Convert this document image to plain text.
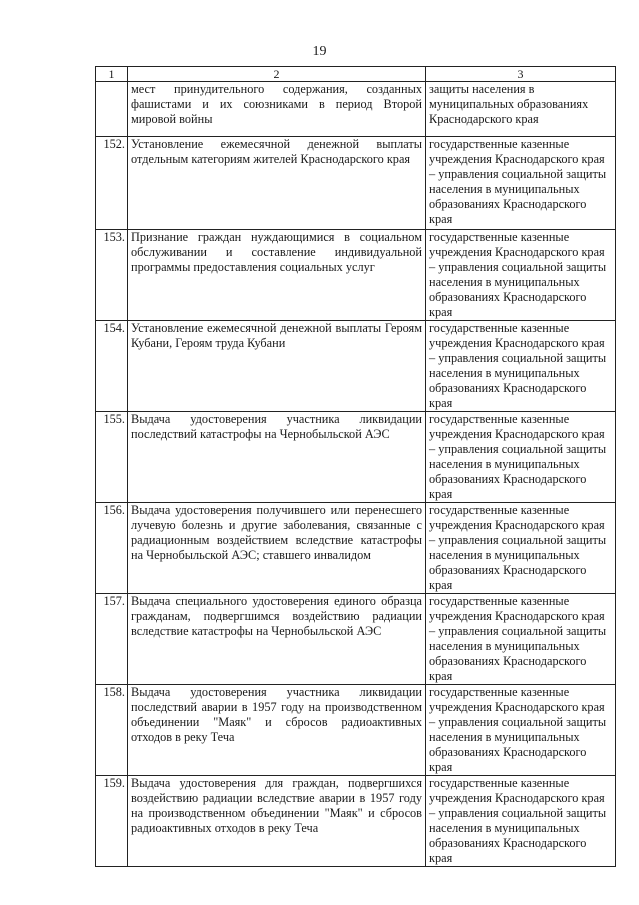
19
1	2	3
	мест принудительного содержания, созданных фашистами и их союзниками в период Второй мировой войны	защиты населения в муниципальных образованиях Краснодарского края
152.	Установление ежемесячной денежной выплаты отдельным категориям жителей Краснодарского края	государственные казенные учреждения Краснодарского края – управления социальной защиты населения в муниципальных образованиях Краснодарского края
153.	Признание граждан нуждающимися в социальном обслуживании и составление индивидуальной программы предоставления социальных услуг	государственные казенные учреждения Краснодарского края – управления социальной защиты населения в муниципальных образованиях Краснодарского края
154.	Установление ежемесячной денежной выплаты Героям Кубани, Героям труда Кубани	государственные казенные учреждения Краснодарского края – управления социальной защиты населения в муниципальных образованиях Краснодарского края
155.	Выдача удостоверения участника ликвидации последствий катастрофы на Чернобыльской АЭС	государственные казенные учреждения Краснодарского края – управления социальной защиты населения в муниципальных образованиях Краснодарского края
156.	Выдача удостоверения получившего или перенесшего лучевую болезнь и другие заболевания, связанные с радиационным воздействием вследствие катастрофы на Чернобыльской АЭС; ставшего инвалидом	государственные казенные учреждения Краснодарского края – управления социальной защиты населения в муниципальных образованиях Краснодарского края
157.	Выдача специального удостоверения единого образца гражданам, подвергшимся воздействию радиации вследствие катастрофы на Чернобыльской АЭС	государственные казенные учреждения Краснодарского края – управления социальной защиты населения в муниципальных образованиях Краснодарского края
158.	Выдача удостоверения участника ликвидации последствий аварии в 1957 году на производственном объединении "Маяк" и сбросов радиоактивных отходов в реку Теча	государственные казенные учреждения Краснодарского края – управления социальной защиты населения в муниципальных образованиях Краснодарского края
159.	Выдача удостоверения для граждан, подвергшихся воздействию радиации вследствие аварии в 1957 году на производственном объединении "Маяк" и сбросов радиоактивных отходов в реку Теча	государственные казенные учреждения Краснодарского края – управления социальной защиты населения в муниципальных образованиях Краснодарского края
